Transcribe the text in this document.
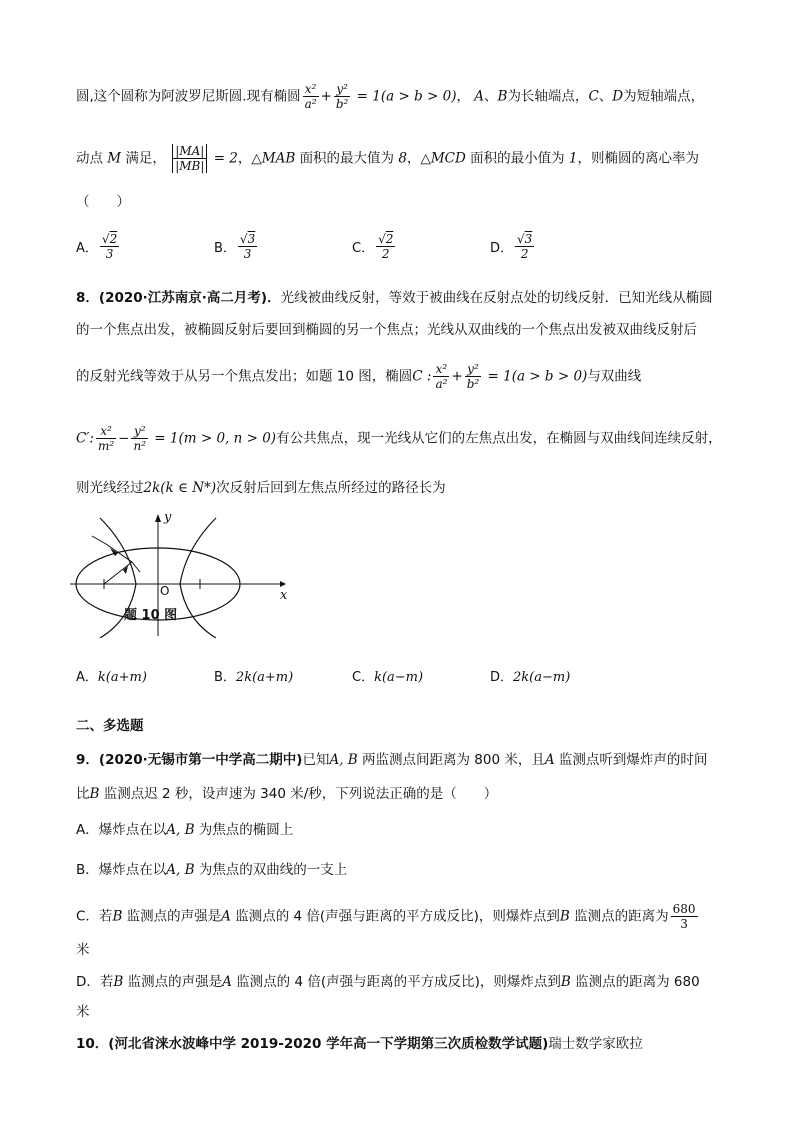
圆,这个圆称为阿波罗尼斯圆.现有椭圆 $\frac{\text{x²}}{\text{a²}} + \frac{\text{y²}}{\text{b²}} = 1(a > b > 0)$， A、B为长轴端点，C、D为短轴端点，
动点 M 满足， $\frac{|MA|}{|MB|} = 2$，△MAB 面积的最大值为 8，△MCD 面积的最小值为 1，则椭圆的离心率为
（　　）
A． $\frac{√2}{3}$	B． $\frac{√3}{3}$	C． $\frac{√2}{2}$	D． $\frac{√3}{2}$
8．(2020·江苏南京·高二月考)．光线被曲线反射，等效于被曲线在反射点处的切线反射．已知光线从椭圆
的一个焦点出发，被椭圆反射后要回到椭圆的另一个焦点；光线从双曲线的一个焦点出发被双曲线反射后
的反射光线等效于从另一个焦点发出；如题 10 图，椭圆C : $\frac{\text{x²}}{\text{a²}} + \frac{\text{y²}}{\text{b²}} = 1(a > b > 0)$与双曲线
C′: $\frac{\text{x²}}{\text{m²}} - \frac{\text{y²}}{\text{n²}} = 1(m > 0$, n > 0)有公共焦点，现一光线从它们的左焦点出发，在椭圆与双曲线间连续反射，
则光线经过2k(k ∈ N*)次反射后回到左焦点所经过的路径长为
y
x
O
题 10 图
A．k(a+m)	B．2k(a+m)	C．k(a−m)	D．2k(a−m)
二、多选题
9．(2020·无锡市第一中学高二期中)已知A, B 两监测点间距离为 800 米，且A 监测点听到爆炸声的时间
比B 监测点迟 2 秒，设声速为 340 米/秒，下列说法正确的是（　　）
A．爆炸点在以A, B 为焦点的椭圆上
B．爆炸点在以A, B 为焦点的双曲线的一支上
C．若B 监测点的声强是A 监测点的 4 倍(声强与距离的平方成反比)，则爆炸点到B 监测点的距离为 $\frac{680}{3}$
米
D．若B 监测点的声强是A 监测点的 4 倍(声强与距离的平方成反比)，则爆炸点到B 监测点的距离为 680
米
10．(河北省涞水波峰中学 2019-2020 学年高一下学期第三次质检数学试题)瑞士数学家欧拉
